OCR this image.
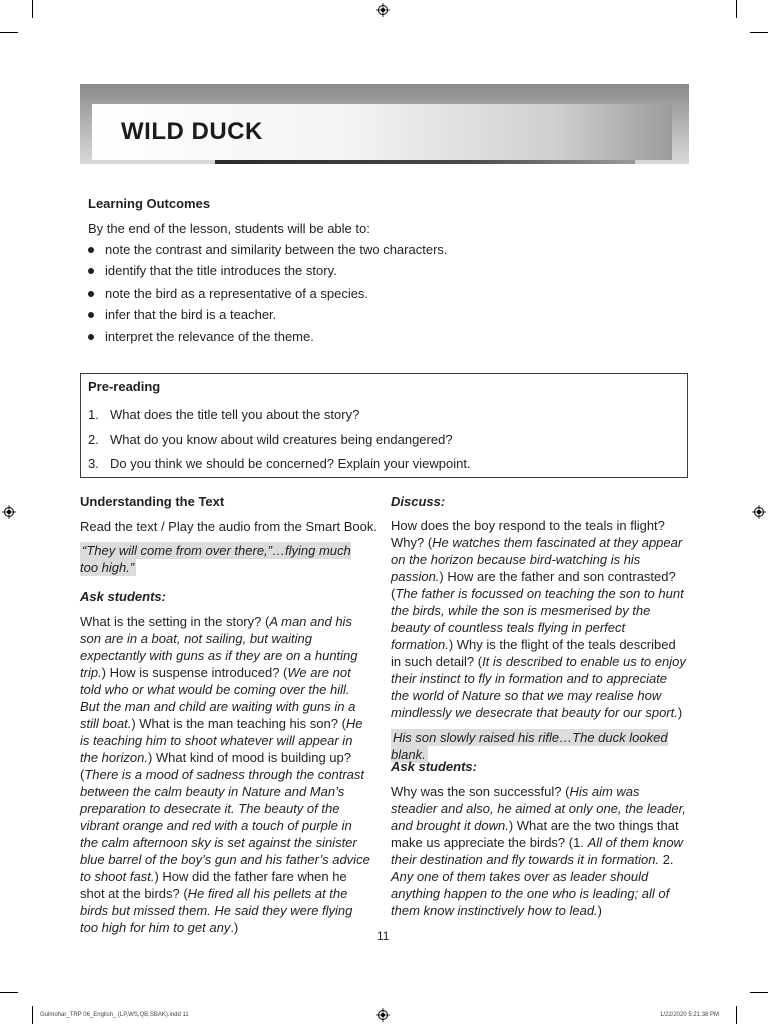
WILD DUCK
Learning Outcomes
By the end of the lesson, students will be able to:
note the contrast and similarity between the two characters.
identify that the title introduces the story.
note the bird as a representative of a species.
infer that the bird is a teacher.
interpret the relevance of the theme.
Pre-reading
1. What does the title tell you about the story?
2. What do you know about wild creatures being endangered?
3. Do you think we should be concerned? Explain your viewpoint.
Understanding the Text
Read the text / Play the audio from the Smart Book.
“They will come from over there,”…flying much too high.”
Ask students:
What is the setting in the story? (A man and his son are in a boat, not sailing, but waiting expectantly with guns as if they are on a hunting trip.) How is suspense introduced? (We are not told who or what would be coming over the hill. But the man and child are waiting with guns in a still boat.) What is the man teaching his son? (He is teaching him to shoot whatever will appear in the horizon.) What kind of mood is building up? (There is a mood of sadness through the contrast between the calm beauty in Nature and Man’s preparation to desecrate it. The beauty of the vibrant orange and red with a touch of purple in the calm afternoon sky is set against the sinister blue barrel of the boy’s gun and his father’s advice to shoot fast.) How did the father fare when he shot at the birds? (He fired all his pellets at the birds but missed them. He said they were flying too high for him to get any.)
Discuss:
How does the boy respond to the teals in flight? Why? (He watches them fascinated at they appear on the horizon because bird-watching is his passion.) How are the father and son contrasted? (The father is focussed on teaching the son to hunt the birds, while the son is mesmerised by the beauty of countless teals flying in perfect formation.) Why is the flight of the teals described in such detail? (It is described to enable us to enjoy their instinct to fly in formation and to appreciate the world of Nature so that we may realise how mindlessly we desecrate that beauty for our sport.)
His son slowly raised his rifle…The duck looked blank.
Ask students:
Why was the son successful? (His aim was steadier and also, he aimed at only one, the leader, and brought it down.) What are the two things that make us appreciate the birds? (1. All of them know their destination and fly towards it in formation. 2. Any one of them takes over as leader should anything happen to the one who is leading; all of them know instinctively how to lead.)
11
Gulmohar_TRP 06_English_ (LP,WS,QB,SBAK).indd 11	1/22/2020 5:21:38 PM
